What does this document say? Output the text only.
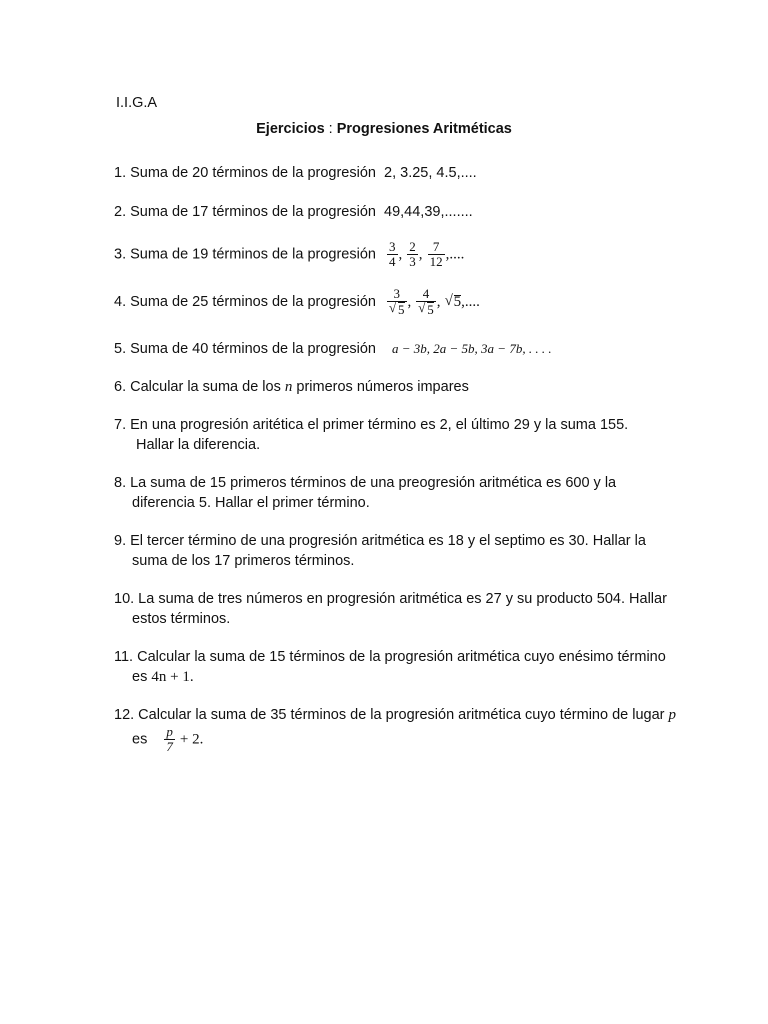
I.I.G.A
Ejercicios : Progresiones Aritméticas
1. Suma de 20 términos de la progresión  2, 3.25, 4.5,....
2. Suma de 17 términos de la progresión  49,44,39,.......
3. Suma de 19 términos de la progresión $\frac{3}{4}$ , $\frac{2}{3}$ , $\frac{7}{12}$ ,....
4. Suma de 25 términos de la progresión 3
√ 5 , 4
√ 5 , √ 5,....
5. Suma de 40 términos de la progresión a − 3b, 2a − 5b, 3a − 7b, . . . .
6. Calcular la suma de los n primeros números impares
7. En una progresión aritética el primer término es 2, el último 29 y la suma 155.
Hallar la diferencia.
8. La suma de 15 primeros términos de una preogresión aritmética es 600 y la
diferencia 5. Hallar el primer término.
9. El tercer término de una progresión aritmética es 18 y el septimo es 30. Hallar la
suma de los 17 primeros términos.
10. La suma de tres números en progresión aritmética es 27 y su producto 504. Hallar
estos términos.
11. Calcular la suma de 15 términos de la progresión aritmética cuyo enésimo término
es 4n + 1.
12. Calcular la suma de 35 términos de la progresión aritmética cuyo término de lugar p
es $\frac{p}{7} + 2$.
